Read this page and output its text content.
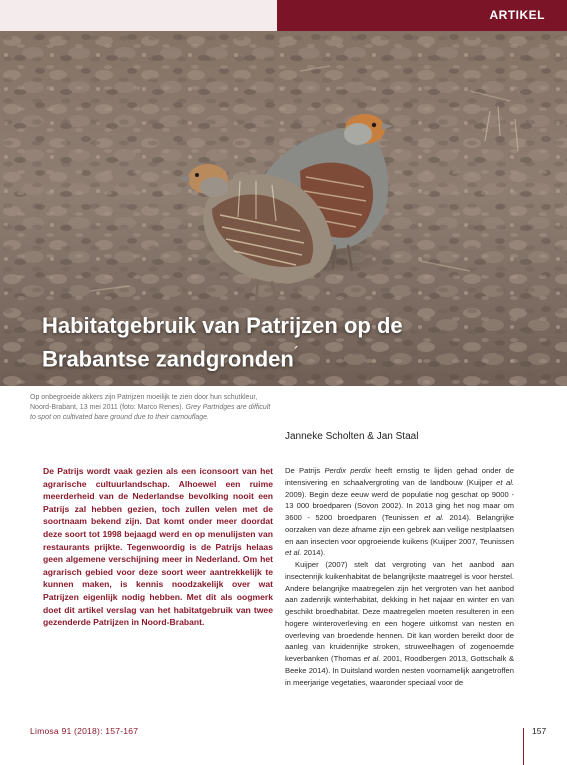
ARTIKEL
Habitatgebruik van Patrijzen op de Brabantse zandgronden´
Op onbegroeide akkers zijn Patrijzen moeilijk te zien door hun schutkleur, Noord-Brabant, 13 mei 2011 (foto: Marco Renes). Grey Partridges are difficult to spot on cultivated bare ground due to their camouflage.
Janneke Scholten & Jan Staal

De Patrijs wordt vaak gezien als een iconsoort van het agrarische cultuurlandschap. Alhoewel een ruime meerderheid van de Nederlandse bevolking nooit een Patrijs zal hebben gezien, toch zullen velen met de soortnaam bekend zijn. Dat komt onder meer doordat deze soort tot 1998 bejaagd werd en op menulijsten van restaurants prijkte. Tegenwoordig is de Patrijs helaas geen algemene verschijning meer in Nederland. Om het agrarisch gebied voor deze soort weer aantrekkelijk te kunnen maken, is kennis noodzakelijk over wat Patrijzen eigenlijk nodig hebben. Met dit als oogmerk doet dit artikel verslag van het habitatgebruik van twee gezenderde Patrijzen in Noord-Brabant.

De Patrijs Perdix perdix heeft ernstig te lijden gehad onder de intensivering en schaalvergroting van de landbouw (Kuijper et al. 2009). Begin deze eeuw werd de populatie nog geschat op 9000 - 13 000 broedparen (Sovon 2002). In 2013 ging het nog maar om 3600 - 5200 broedparen (Teunissen et al. 2014). Belangrijke oorzaken van deze afname zijn een gebrek aan veilige nestplaatsen en aan insecten voor opgroeiende kuikens (Kuijper 2007, Teunissen et al. 2014).

Kuijper (2007) stelt dat vergroting van het aanbod aan insectenrijk kuikenhabitat de belangrijkste maatregel is voor herstel. Andere belangrijke maatregelen zijn het vergroten van het aanbod aan zadenrijk winterhabitat, dekking in het najaar en winter en van geschikt broedhabitat. Deze maatregelen moeten resulteren in een hogere winteroverleving en een hogere uitkomst van nesten en overleving van broedende hennen. Dit kan worden bereikt door de aanleg van kruidenrijke stroken, struweelhagen of zogenoemde keverbanken (Thomas et al. 2001, Roodbergen 2013, Gottschalk & Beeke 2014). In Duitsland worden nesten voornamelijk aangetroffen in meerjarige vegetaties, waaronder speciaal voor de

Limosa 91 (2018): 157-167	157
